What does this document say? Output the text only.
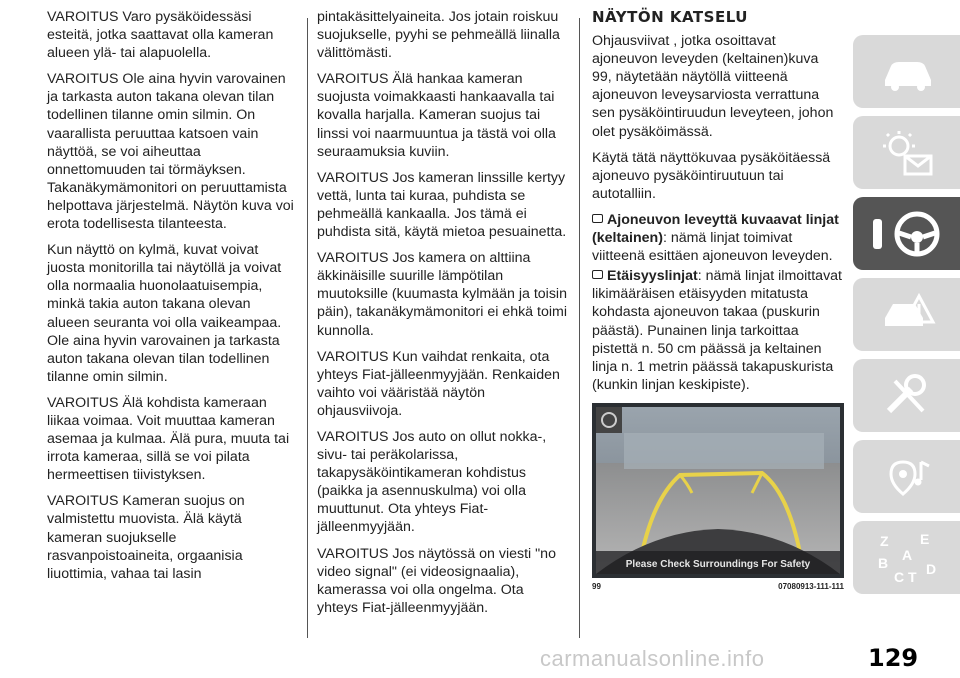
VAROITUS Varo pysäköidessäsi esteitä, jotka saattavat olla kameran alueen ylä- tai alapuolella.

VAROITUS Ole aina hyvin varovainen ja tarkasta auton takana olevan tilan todellinen tilanne omin silmin. On vaarallista peruuttaa katsoen vain näyttöä, se voi aiheuttaa onnettomuuden tai törmäyksen. Takanäkymämonitori on peruuttamista helpottava järjestelmä. Näytön kuva voi erota todellisesta tilanteesta.

Kun näyttö on kylmä, kuvat voivat juosta monitorilla tai näytöllä ja voivat olla normaalia huonolaatuisempia, minkä takia auton takana olevan alueen seuranta voi olla vaikeampaa. Ole aina hyvin varovainen ja tarkasta auton takana olevan tilan todellinen tilanne omin silmin.

VAROITUS Älä kohdista kameraan liikaa voimaa. Voit muuttaa kameran asemaa ja kulmaa. Älä pura, muuta tai irrota kameraa, sillä se voi pilata hermeettisen tiivistyksen.

VAROITUS Kameran suojus on valmistettu muovista. Älä käytä kameran suojukselle rasvanpoistoaineita, orgaanisia liuottimia, vahaa tai lasin

pintakäsittelyaineita. Jos jotain roiskuu suojukselle, pyyhi se pehmeällä liinalla välittömästi.

VAROITUS Älä hankaa kameran suojusta voimakkaasti hankaavalla tai kovalla harjalla. Kameran suojus tai linssi voi naarmuuntua ja tästä voi olla seuraamuksia kuviin.

VAROITUS Jos kameran linssille kertyy vettä, lunta tai kuraa, puhdista se pehmeällä kankaalla. Jos tämä ei puhdista sitä, käytä mietoa pesuainetta.

VAROITUS Jos kamera on alttiina äkkinäisille suurille lämpötilan muutoksille (kuumasta kylmään ja toisin päin), takanäkymämonitori ei ehkä toimi kunnolla.

VAROITUS Kun vaihdat renkaita, ota yhteys Fiat-jälleenmyyjään. Renkaiden vaihto voi vääristää näytön ohjausviivoja.

VAROITUS Jos auto on ollut nokka-, sivu- tai peräkolarissa, takapysäköintikameran kohdistus (paikka ja asennuskulma) voi olla muuttunut. Ota yhteys Fiat-jälleenmyyjään.

VAROITUS Jos näytössä on viesti "no video signal" (ei videosignaalia), kamerassa voi olla ongelma. Ota yhteys Fiat-jälleenmyyjään.

NÄYTÖN KATSELU

Ohjausviivat , jotka osoittavat ajoneuvon leveyden (keltainen)kuva 99, näytetään näytöllä viitteenä ajoneuvon leveysarviosta verrattuna sen pysäköintiruudun leveyteen, johon olet pysäköimässä.

Käytä tätä näyttökuvaa pysäköitäessä ajoneuvo pysäköintiruutuun tai autotalliin.

Ajoneuvon leveyttä kuvaavat linjat (keltainen): nämä linjat toimivat viitteenä esittäen ajoneuvon leveyden.

Etäisyyslinjat: nämä linjat ilmoittavat likimääräisen etäisyyden mitatusta kohdasta ajoneuvon takaa (puskurin päästä). Punainen linja tarkoittaa pistettä n. 50 cm päässä ja keltainen linja n. 1 metrin päässä takapuskurista (kunkin linjan keskipiste).

Please Check Surroundings For Safety
99	07080913-111-111
Z E
A
B
C T D
129
carmanualsonline.info
